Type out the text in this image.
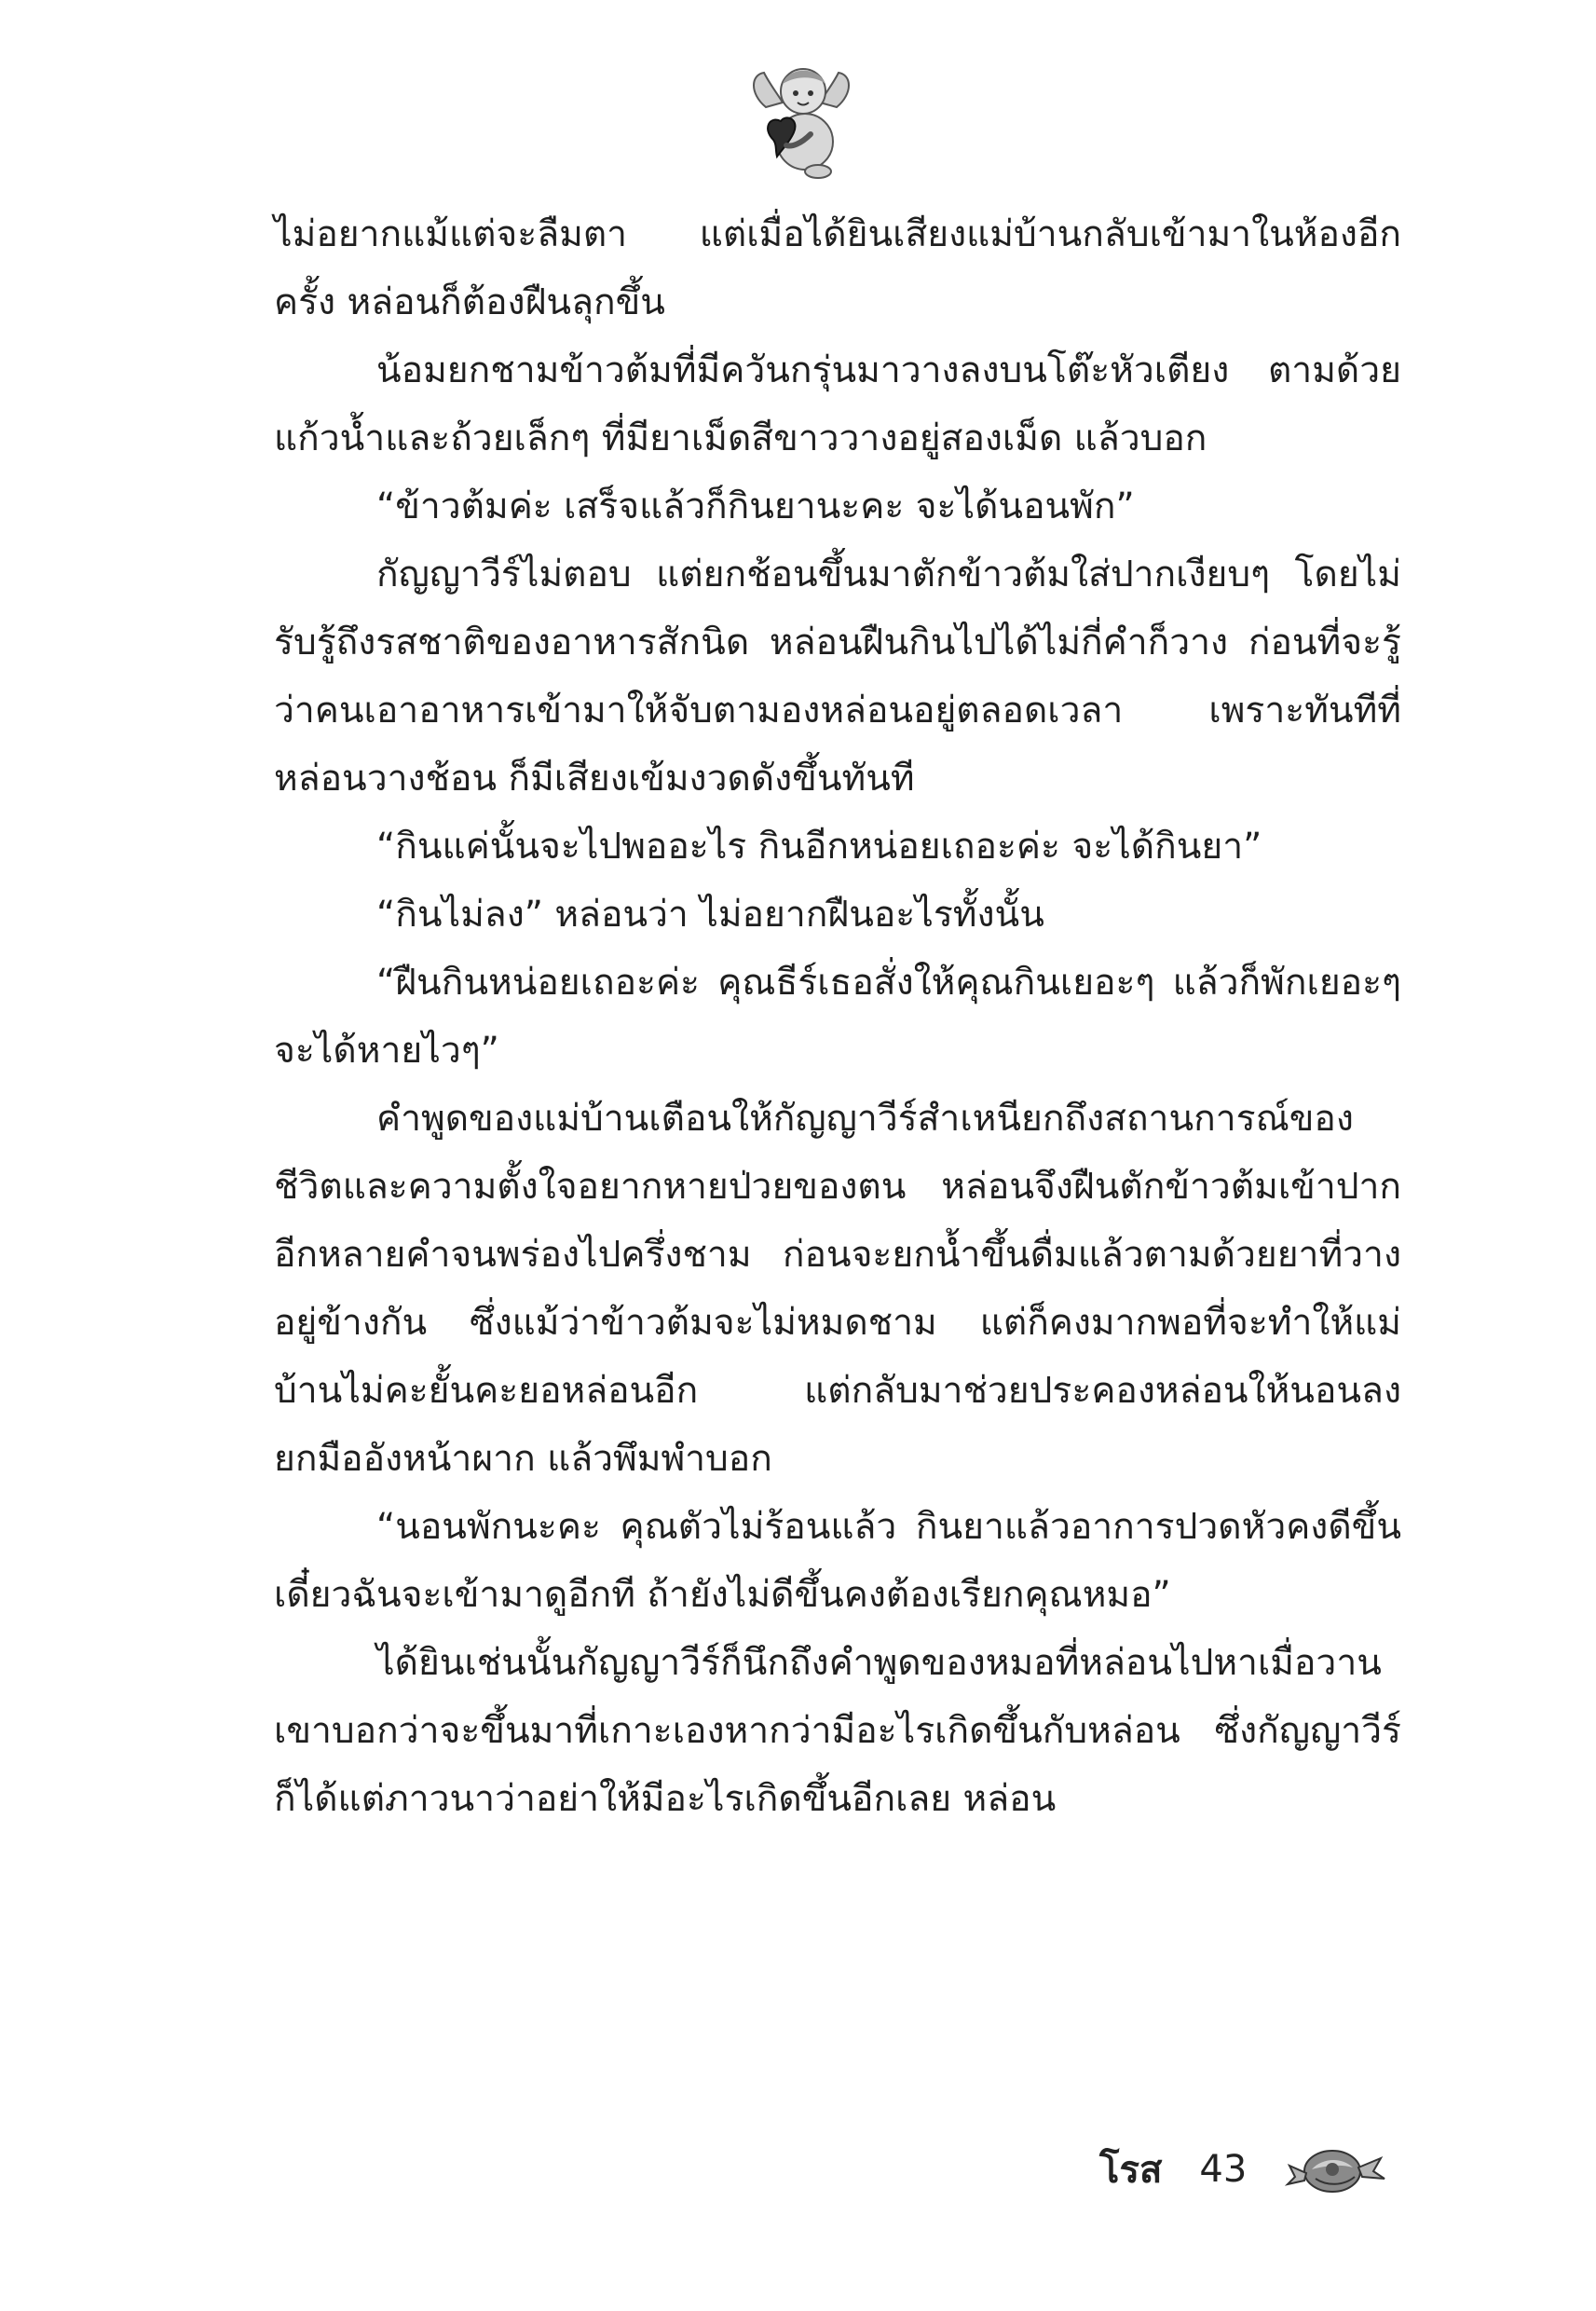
ไม่อยากแม้แต่จะลืมตา แต่เมื่อได้ยินเสียงแม่บ้านกลับเข้ามาในห้องอีกครั้ง หล่อนก็ต้องฝืนลุกขึ้น

น้อมยกชามข้าวต้มที่มีควันกรุ่นมาวางลงบนโต๊ะหัวเตียง ตามด้วยแก้วน้ำและถ้วยเล็กๆ ที่มียาเม็ดสีขาววางอยู่สองเม็ด แล้วบอก

“ข้าวต้มค่ะ เสร็จแล้วก็กินยานะคะ จะได้นอนพัก”

กัญญาวีร์ไม่ตอบ แต่ยกช้อนขึ้นมาตักข้าวต้มใส่ปากเงียบๆ โดยไม่รับรู้ถึงรสชาติของอาหารสักนิด หล่อนฝืนกินไปได้ไม่กี่คำก็วาง ก่อนที่จะรู้ว่าคนเอาอาหารเข้ามาให้จับตามองหล่อนอยู่ตลอดเวลา เพราะทันทีที่หล่อนวางช้อน ก็มีเสียงเข้มงวดดังขึ้นทันที

“กินแค่นั้นจะไปพออะไร กินอีกหน่อยเถอะค่ะ จะได้กินยา”

“กินไม่ลง” หล่อนว่า ไม่อยากฝืนอะไรทั้งนั้น

“ฝืนกินหน่อยเถอะค่ะ คุณธีร์เธอสั่งให้คุณกินเยอะๆ แล้วก็พักเยอะๆ จะได้หายไวๆ”

คำพูดของแม่บ้านเตือนให้กัญญาวีร์สำเหนียกถึงสถานการณ์ของชีวิตและความตั้งใจอยากหายป่วยของตน หล่อนจึงฝืนตักข้าวต้มเข้าปากอีกหลายคำจนพร่องไปครึ่งชาม ก่อนจะยกน้ำขึ้นดื่มแล้วตามด้วยยาที่วางอยู่ข้างกัน ซึ่งแม้ว่าข้าวต้มจะไม่หมดชาม แต่ก็คงมากพอที่จะทำให้แม่บ้านไม่คะยั้นคะยอหล่อนอีก แต่กลับมาช่วยประคองหล่อนให้นอนลง ยกมืออังหน้าผาก แล้วพึมพำบอก

“นอนพักนะคะ คุณตัวไม่ร้อนแล้ว กินยาแล้วอาการปวดหัวคงดีขึ้น เดี๋ยวฉันจะเข้ามาดูอีกที ถ้ายังไม่ดีขึ้นคงต้องเรียกคุณหมอ”

ได้ยินเช่นนั้นกัญญาวีร์ก็นึกถึงคำพูดของหมอที่หล่อนไปหาเมื่อวาน เขาบอกว่าจะขึ้นมาที่เกาะเองหากว่ามีอะไรเกิดขึ้นกับหล่อน ซึ่งกัญญาวีร์ก็ได้แต่ภาวนาว่าอย่าให้มีอะไรเกิดขึ้นอีกเลย หล่อน

โรส 43
